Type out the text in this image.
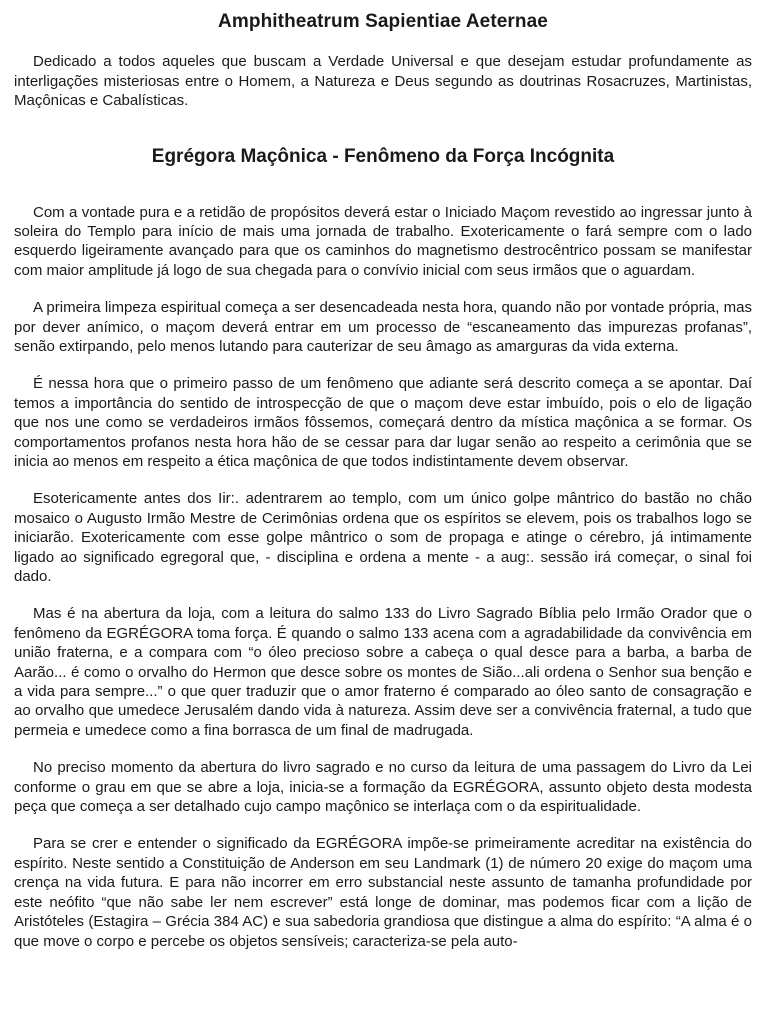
Amphitheatrum Sapientiae Aeternae

Dedicado a todos aqueles que buscam a Verdade Universal e que desejam estudar profundamente as interligações misteriosas entre o Homem, a Natureza e Deus segundo as doutrinas Rosacruzes, Martinistas, Maçônicas e Cabalísticas.

Egrégora Maçônica - Fenômeno da Força Incógnita

Com a vontade pura e a retidão de propósitos deverá estar o Iniciado Maçom revestido ao ingressar junto à soleira do Templo para início de mais uma jornada de trabalho. Exotericamente o fará sempre com o lado esquerdo ligeiramente avançado para que os caminhos do magnetismo destrocêntrico possam se manifestar com maior amplitude já logo de sua chegada para o convívio inicial com seus irmãos que o aguardam.

A primeira limpeza espiritual começa a ser desencadeada nesta hora, quando não por vontade própria, mas por dever anímico, o maçom deverá entrar em um processo de “escaneamento das impurezas profanas”, senão extirpando, pelo menos lutando para cauterizar de seu âmago as amarguras da vida externa.

É nessa hora que o primeiro passo de um fenômeno que adiante será descrito começa a se apontar. Daí temos a importância do sentido de introspecção de que o maçom deve estar imbuído, pois o elo de ligação que nos une como se verdadeiros irmãos fôssemos, começará dentro da mística maçônica a se formar. Os comportamentos profanos nesta hora hão de se cessar para dar lugar senão ao respeito a cerimônia que se inicia ao menos em respeito a ética maçônica de que todos indistintamente devem observar.

Esotericamente antes dos Iir:. adentrarem ao templo, com um único golpe mântrico do bastão no chão mosaico o Augusto Irmão Mestre de Cerimônias ordena que os espíritos se elevem, pois os trabalhos logo se iniciarão. Exotericamente com esse golpe mântrico o som de propaga e atinge o cérebro, já intimamente ligado ao significado egregoral que, - disciplina e ordena a mente - a aug:. sessão irá começar, o sinal foi dado.

Mas é na abertura da loja, com a leitura do salmo 133 do Livro Sagrado Bíblia pelo Irmão Orador que o fenômeno da EGRÉGORA toma força. É quando o salmo 133 acena com a agradabilidade da convivência em união fraterna, e a compara com “o óleo precioso sobre a cabeça o qual desce para a barba, a barba de Aarão... é como o orvalho do Hermon que desce sobre os montes de Sião...ali ordena o Senhor sua benção e a vida para sempre...” o que quer traduzir que o amor fraterno é comparado ao óleo santo de consagração e ao orvalho que umedece Jerusalém dando vida à natureza. Assim deve ser a convivência fraternal, a tudo que permeia e umedece como a fina borrasca de um final de madrugada.

No preciso momento da abertura do livro sagrado e no curso da leitura de uma passagem do Livro da Lei conforme o grau em que se abre a loja, inicia-se a formação da EGRÉGORA, assunto objeto desta modesta peça que começa a ser detalhado cujo campo maçônico se interlaça com o da espiritualidade.

Para se crer e entender o significado da EGRÉGORA impõe-se primeiramente acreditar na existência do espírito. Neste sentido a Constituição de Anderson em seu Landmark (1) de número 20 exige do maçom uma crença na vida futura. E para não incorrer em erro substancial neste assunto de tamanha profundidade por este neófito “que não sabe ler nem escrever” está longe de dominar, mas podemos ficar com a lição de Aristóteles (Estagira – Grécia 384 AC) e sua sabedoria grandiosa que distingue a alma do espírito: “A alma é o que move o corpo e percebe os objetos sensíveis; caracteriza-se pela auto-
